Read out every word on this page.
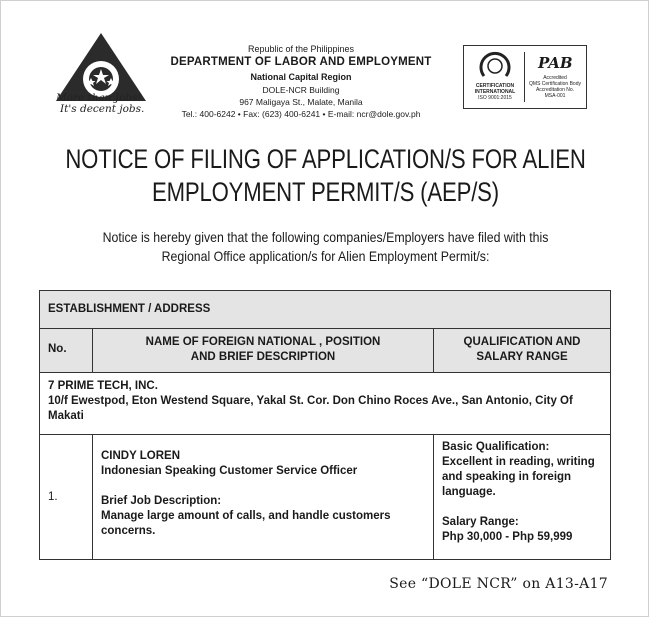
More than Jobs!
It's decent jobs.
Republic of the Philippines
DEPARTMENT OF LABOR AND EMPLOYMENT
National Capital Region
DOLE-NCR Building
967 Maligaya St., Malate, Manila
Tel.: 400-6242 • Fax: (623) 400-6241 • E-mail: ncr@dole.gov.ph
CERTIFICATION
INTERNATIONAL
ISO 9001:2015
PAB
Accredited
QMS Certification Body
Accreditation No.
MSA-001
NOTICE OF FILING OF APPLICATION/S FOR ALIEN
EMPLOYMENT PERMIT/S (AEP/S)
Notice is hereby given that the following companies/Employers have filed with this
Regional Office application/s for Alien Employment Permit/s:
ESTABLISHMENT / ADDRESS
No.
NAME OF FOREIGN NATIONAL , POSITION
AND BRIEF DESCRIPTION
QUALIFICATION AND
SALARY RANGE
7 PRIME TECH, INC.
10/f Ewestpod, Eton Westend Square, Yakal St. Cor. Don Chino Roces Ave., San Antonio, City Of Makati
1.
CINDY LOREN
Indonesian Speaking Customer Service Officer
Brief Job Description:
Manage large amount of calls, and handle customers concerns.
Basic Qualification:
Excellent in reading, writing and speaking in foreign language.
Salary Range:
Php 30,000 - Php 59,999
See “DOLE NCR” on A13-A17
